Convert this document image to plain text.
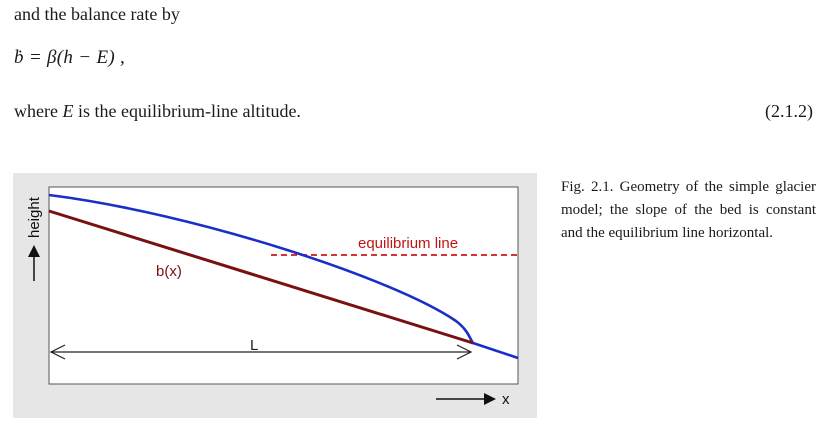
and the balance rate by
ḃ = β(h − E) ,
where E is the equilibrium-line altitude.	(2.1.2)
equilibrium line
b(x)
L
height
x
Fig. 2.1. Geometry of the simple glacier model; the slope of the bed is constant and the equilibrium line horizontal.
